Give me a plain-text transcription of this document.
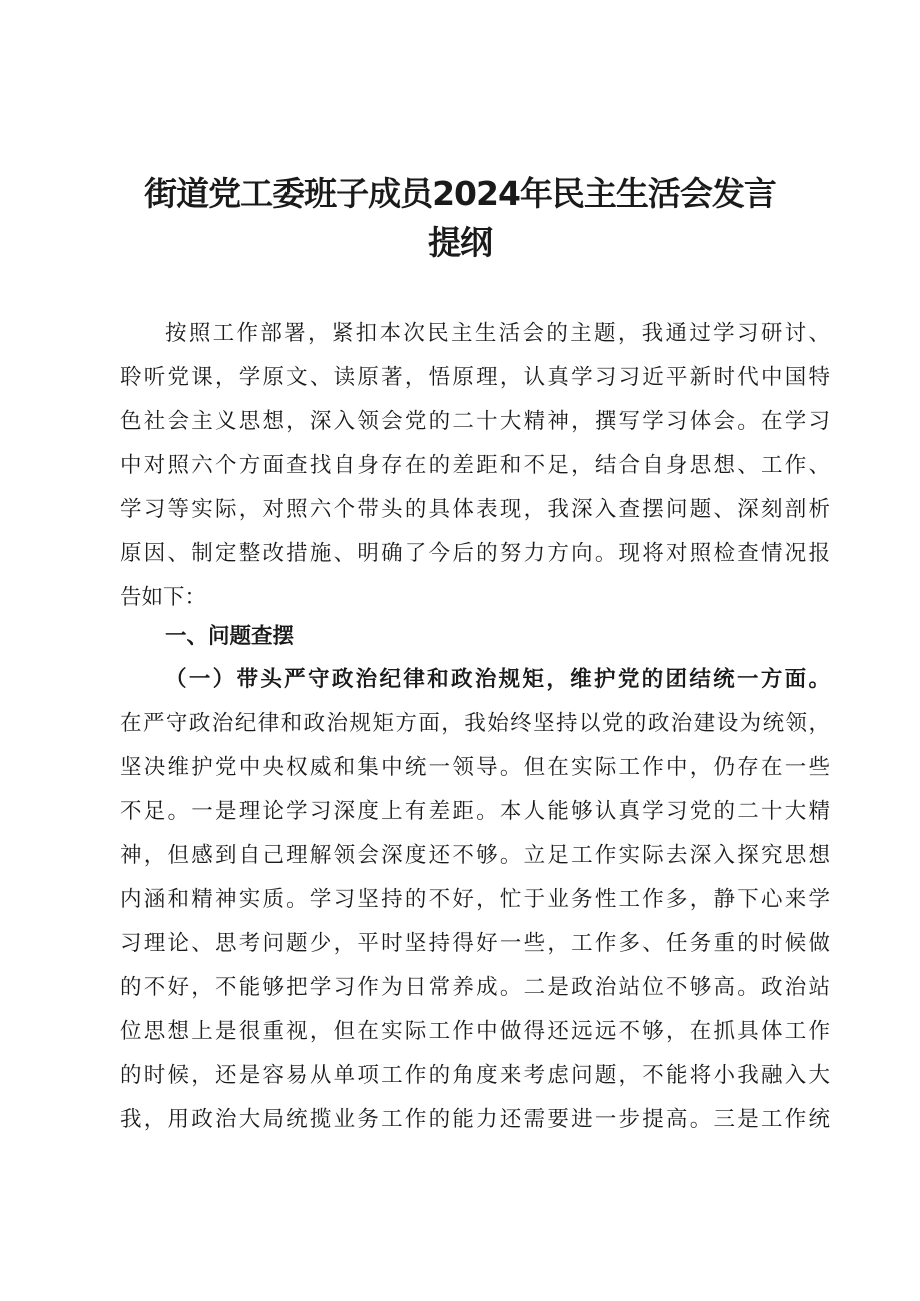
街道党工委班子成员2024年民主生活会发言
提纲
按照工作部署，紧扣本次民主生活会的主题，我通过学习研讨、
聆听党课，学原文、读原著，悟原理，认真学习习近平新时代中国特
色社会主义思想，深入领会党的二十大精神，撰写学习体会。在学习
中对照六个方面查找自身存在的差距和不足，结合自身思想、工作、
学习等实际，对照六个带头的具体表现，我深入查摆问题、深刻剖析
原因、制定整改措施、明确了今后的努力方向。现将对照检查情况报
告如下：
一、问题查摆
（一）带头严守政治纪律和政治规矩，维护党的团结统一方面。
在严守政治纪律和政治规矩方面，我始终坚持以党的政治建设为统领，
坚决维护党中央权威和集中统一领导。但在实际工作中，仍存在一些
不足。一是理论学习深度上有差距。本人能够认真学习党的二十大精
神，但感到自己理解领会深度还不够。立足工作实际去深入探究思想
内涵和精神实质。学习坚持的不好，忙于业务性工作多，静下心来学
习理论、思考问题少，平时坚持得好一些，工作多、任务重的时候做
的不好，不能够把学习作为日常养成。二是政治站位不够高。政治站
位思想上是很重视，但在实际工作中做得还远远不够，在抓具体工作
的时候，还是容易从单项工作的角度来考虑问题，不能将小我融入大
我，用政治大局统揽业务工作的能力还需要进一步提高。三是工作统
